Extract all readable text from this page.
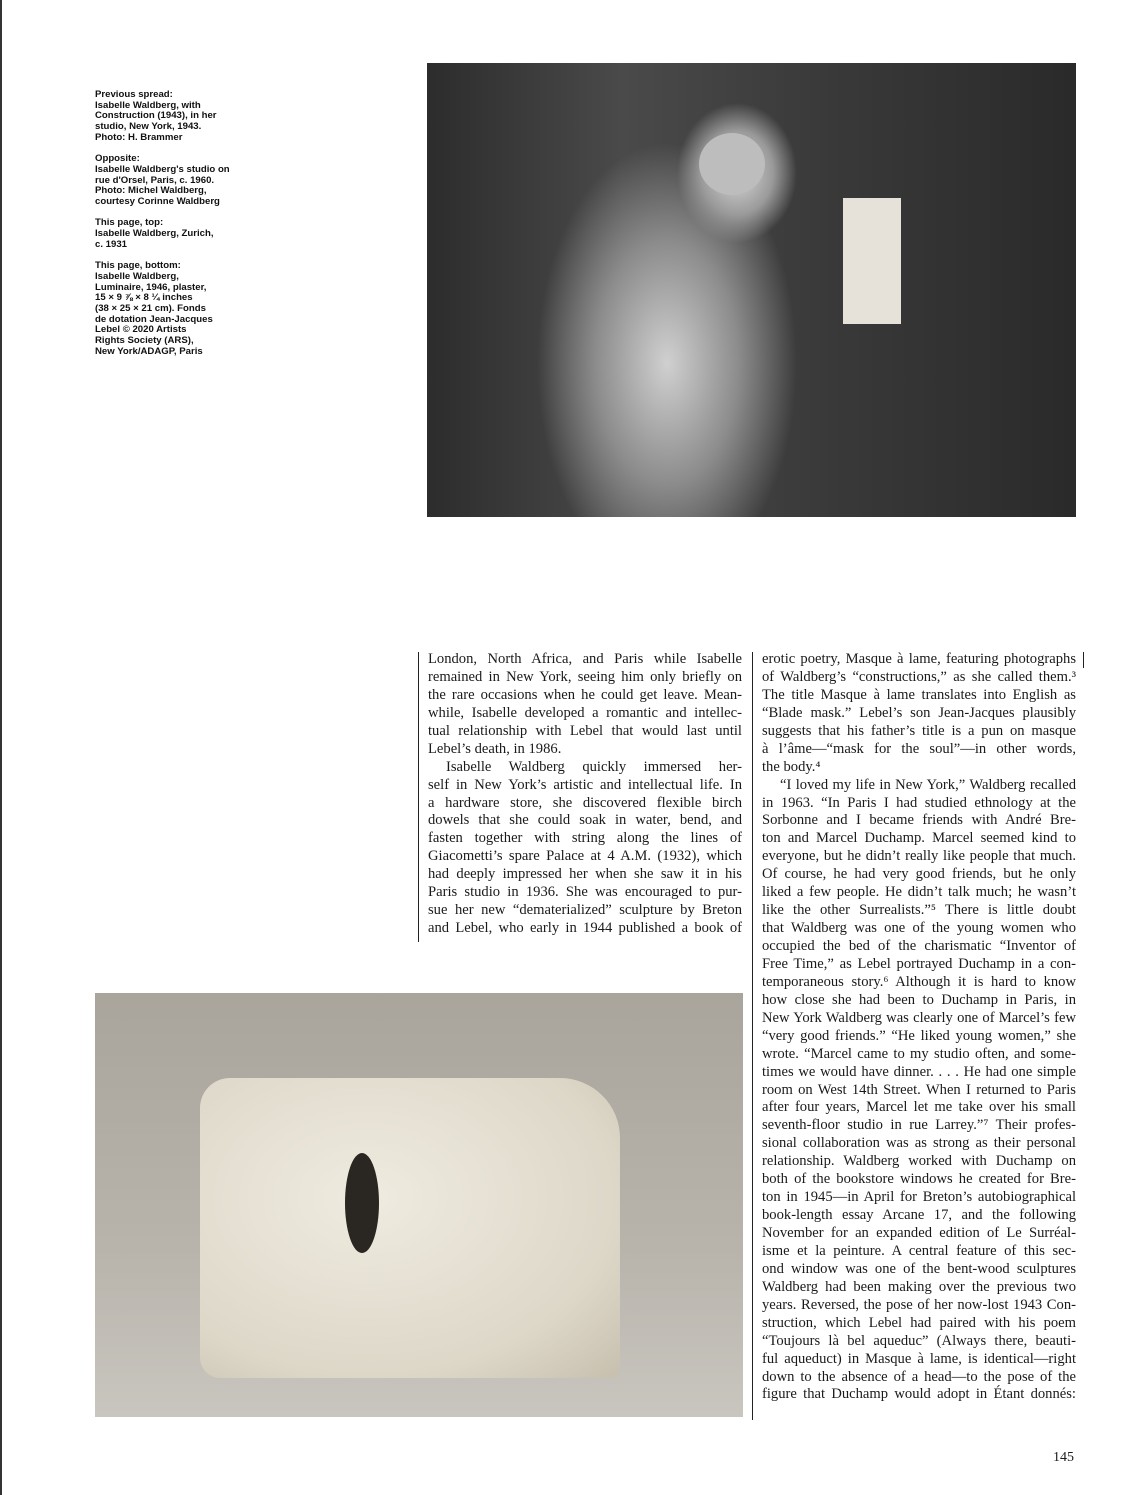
Previous spread:
Isabelle Waldberg, with
Construction (1943), in her
studio, New York, 1943.
Photo: H. Brammer
Opposite:
Isabelle Waldberg's studio on
rue d'Orsel, Paris, c. 1960.
Photo: Michel Waldberg,
courtesy Corinne Waldberg
This page, top:
Isabelle Waldberg, Zurich,
c. 1931
This page, bottom:
Isabelle Waldberg,
Luminaire, 1946, plaster,
15 × 9 ⅞ × 8 ¼ inches
(38 × 25 × 21 cm). Fonds
de dotation Jean-Jacques
Lebel © 2020 Artists
Rights Society (ARS),
New York/ADAGP, Paris
London, North Africa, and Paris while Isabelle
remained in New York, seeing him only briefly on
the rare occasions when he could get leave. Mean-
while, Isabelle developed a romantic and intellec-
tual relationship with Lebel that would last until
Lebel’s death, in 1986.
Isabelle Waldberg quickly immersed her-
self in New York’s artistic and intellectual life. In
a hardware store, she discovered flexible birch
dowels that she could soak in water, bend, and
fasten together with string along the lines of
Giacometti’s spare Palace at 4 A.M. (1932), which
had deeply impressed her when she saw it in his
Paris studio in 1936. She was encouraged to pur-
sue her new “dematerialized” sculpture by Breton
and Lebel, who early in 1944 published a book of
erotic poetry, Masque à lame, featuring photographs
of Waldberg’s “constructions,” as she called them.³
The title Masque à lame translates into English as
“Blade mask.” Lebel’s son Jean-Jacques plausibly
suggests that his father’s title is a pun on masque
à l’âme—“mask for the soul”—in other words,
the body.⁴
“I loved my life in New York,” Waldberg recalled
in 1963. “In Paris I had studied ethnology at the
Sorbonne and I became friends with André Bre-
ton and Marcel Duchamp. Marcel seemed kind to
everyone, but he didn’t really like people that much.
Of course, he had very good friends, but he only
liked a few people. He didn’t talk much; he wasn’t
like the other Surrealists.”⁵ There is little doubt
that Waldberg was one of the young women who
occupied the bed of the charismatic “Inventor of
Free Time,” as Lebel portrayed Duchamp in a con-
temporaneous story.⁶ Although it is hard to know
how close she had been to Duchamp in Paris, in
New York Waldberg was clearly one of Marcel’s few
“very good friends.” “He liked young women,” she
wrote. “Marcel came to my studio often, and some-
times we would have dinner. . . . He had one simple
room on West 14th Street. When I returned to Paris
after four years, Marcel let me take over his small
seventh-floor studio in rue Larrey.”⁷ Their profes-
sional collaboration was as strong as their personal
relationship. Waldberg worked with Duchamp on
both of the bookstore windows he created for Bre-
ton in 1945—in April for Breton’s autobiographical
book-length essay Arcane 17, and the following
November for an expanded edition of Le Surréal-
isme et la peinture. A central feature of this sec-
ond window was one of the bent-wood sculptures
Waldberg had been making over the previous two
years. Reversed, the pose of her now-lost 1943 Con-
struction, which Lebel had paired with his poem
“Toujours là bel aqueduc” (Always there, beauti-
ful aqueduct) in Masque à lame, is identical—right
down to the absence of a head—to the pose of the
figure that Duchamp would adopt in Étant donnés:
145
